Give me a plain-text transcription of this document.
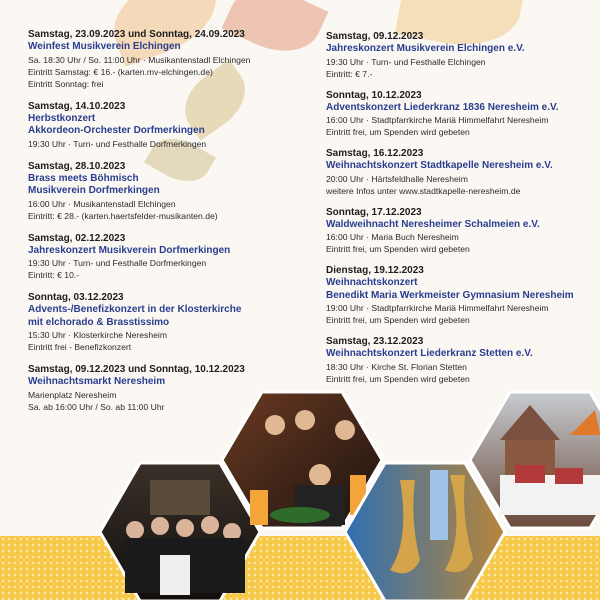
Samstag, 23.09.2023 und Sonntag, 24.09.2023
Weinfest Musikverein Elchingen
Sa. 18:30 Uhr / So. 11:00 Uhr · Musikantenstadl Elchingen
Eintritt Samstag: € 16.- (karten.mv-elchingen.de)
Eintritt Sonntag: frei
Samstag, 14.10.2023
Herbstkonzert
Akkordeon-Orchester Dorfmerkingen
19:30 Uhr · Turn- und Festhalle Dorfmerkingen
Samstag, 28.10.2023
Brass meets Böhmisch
Musikverein Dorfmerkingen
16:00 Uhr · Musikantenstadl Elchingen
Eintritt: € 28.- (karten.haertsfelder-musikanten.de)
Samstag, 02.12.2023
Jahreskonzert Musikverein Dorfmerkingen
19:30 Uhr · Turn- und Festhalle Dorfmerkingen
Eintritt: € 10.-
Sonntag, 03.12.2023
Advents-/Benefizkonzert in der Klosterkirche
mit elchorado & Brasstissimo
15:30 Uhr · Klosterkirche Neresheim
Eintritt frei - Benefizkonzert
Samstag, 09.12.2023 und Sonntag, 10.12.2023
Weihnachtsmarkt Neresheim
Marienplatz Neresheim
Sa. ab 16:00 Uhr / So. ab 11:00 Uhr
Samstag, 09.12.2023
Jahreskonzert Musikverein Elchingen e.V.
19:30 Uhr · Turn- und Festhalle Elchingen
Eintritt: € 7.-
Sonntag, 10.12.2023
Adventskonzert Liederkranz 1836 Neresheim e.V.
16:00 Uhr · Stadtpfarrkirche Mariä Himmelfahrt Neresheim
Eintritt frei, um Spenden wird gebeten
Samstag, 16.12.2023
Weihnachtskonzert Stadtkapelle Neresheim e.V.
20:00 Uhr · Härtsfeldhalle Neresheim
weitere Infos unter www.stadtkapelle-neresheim.de
Sonntag, 17.12.2023
Waldweihnacht Neresheimer Schalmeien e.V.
16:00 Uhr · Maria Buch Neresheim
Eintritt frei, um Spenden wird gebeten
Dienstag, 19.12.2023
Weihnachtskonzert
Benedikt Maria Werkmeister Gymnasium Neresheim
19:00 Uhr · Stadtpfarrkirche Mariä Himmelfahrt Neresheim
Eintritt frei, um Spenden wird gebeten
Samstag, 23.12.2023
Weihnachtskonzert Liederkranz Stetten e.V.
18:30 Uhr · Kirche St. Florian Stetten
Eintritt frei, um Spenden wird gebeten
